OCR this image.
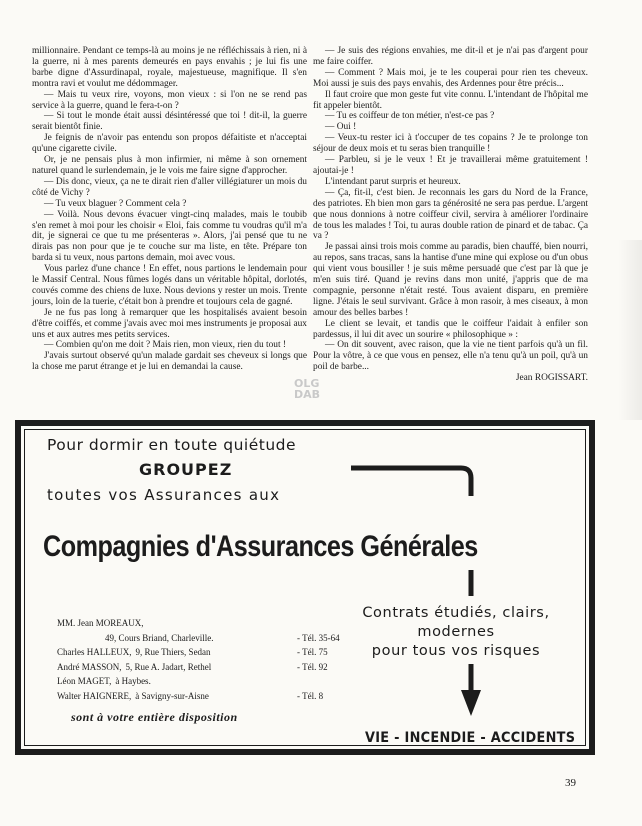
millionnaire. Pendant ce temps-là au moins je ne réfléchissais à rien, ni à la guerre, ni à mes parents demeurés en pays envahis ; je lui fis une barbe digne d'Assurdinapal, royale, majestueuse, magnifique. Il s'en montra ravi et voulut me dédommager.

— Mais tu veux rire, voyons, mon vieux : si l'on ne se rend pas service à la guerre, quand le fera-t-on ?

— Si tout le monde était aussi désintéressé que toi ! dit-il, la guerre serait bientôt finie.

Je feignis de n'avoir pas entendu son propos défaitiste et n'acceptai qu'une cigarette civile.

Or, je ne pensais plus à mon infirmier, ni même à son ornement naturel quand le surlendemain, je le vois me faire signe d'approcher.

— Dis donc, vieux, ça ne te dirait rien d'aller villégiaturer un mois du côté de Vichy ?

— Tu veux blaguer ? Comment cela ?

— Voilà. Nous devons évacuer vingt-cinq malades, mais le toubib s'en remet à moi pour les choisir « Eloi, fais comme tu voudras qu'il m'a dit, je signerai ce que tu me présenteras ». Alors, j'ai pensé que tu ne dirais pas non pour que je te couche sur ma liste, en tête. Prépare ton barda si tu veux, nous partons demain, moi avec vous.

Vous parlez d'une chance ! En effet, nous partions le lendemain pour le Massif Central. Nous fûmes logés dans un véritable hôpital, dorlotés, couvés comme des chiens de luxe. Nous devions y rester un mois. Trente jours, loin de la tuerie, c'était bon à prendre et toujours cela de gagné.

Je ne fus pas long à remarquer que les hospitalisés avaient besoin d'être coiffés, et comme j'avais avec moi mes instruments je proposai aux uns et aux autres mes petits services.

— Combien qu'on me doit ? Mais rien, mon vieux, rien du tout !

J'avais surtout observé qu'un malade gardait ses cheveux si longs que la chose me parut étrange et je lui en demandai la cause.

— Je suis des régions envahies, me dit-il et je n'ai pas d'argent pour me faire coiffer.

— Comment ? Mais moi, je te les couperai pour rien tes cheveux. Moi aussi je suis des pays envahis, des Ardennes pour être précis...

Il faut croire que mon geste fut vite connu. L'intendant de l'hôpital me fit appeler bientôt.

— Tu es coiffeur de ton métier, n'est-ce pas ?

— Oui !

— Veux-tu rester ici à t'occuper de tes copains ? Je te prolonge ton séjour de deux mois et tu seras bien tranquille !

— Parbleu, si je le veux ! Et je travaillerai même gratuitement ! ajoutai-je !

L'intendant parut surpris et heureux.

— Ça, fit-il, c'est bien. Je reconnais les gars du Nord de la France, des patriotes. Eh bien mon gars ta générosité ne sera pas perdue. L'argent que nous donnions à notre coiffeur civil, servira à améliorer l'ordinaire de tous les malades ! Toi, tu auras double ration de pinard et de tabac. Ça va ?

Je passai ainsi trois mois comme au paradis, bien chauffé, bien nourri, au repos, sans tracas, sans la hantise d'une mine qui explose ou d'un obus qui vient vous bousiller ! je suis même persuadé que c'est par là que je m'en suis tiré. Quand je revins dans mon unité, j'appris que de ma compagnie, personne n'était resté. Tous avaient disparu, en première ligne. J'étais le seul survivant. Grâce à mon rasoir, à mes ciseaux, à mon amour des belles barbes !

Le client se levait, et tandis que le coiffeur l'aidait à enfiler son pardessus, il lui dit avec un sourire « philosophique » :

— On dit souvent, avec raison, que la vie ne tient parfois qu'à un fil. Pour la vôtre, à ce que vous en pensez, elle n'a tenu qu'à un poil, qu'à un poil de barbe...

Jean ROGISSART.

OLG
DAB
Pour dormir en toute quiétude
GROUPEZ
toutes vos Assurances aux
Compagnies d'Assurances Générales
Contrats étudiés, clairs,
modernes
pour tous vos risques
MM. Jean MOREAUX,
49, Cours Briand, Charleville.	- Tél. 35-64
Charles HALLEUX, 9, Rue Thiers, Sedan	- Tél. 75
André MASSON, 5, Rue A. Jadart, Rethel	- Tél. 92
Léon MAGET, à Haybes.
Walter HAIGNERE, à Savigny-sur-Aisne	- Tél. 8
sont à votre entière disposition
VIE - INCENDIE - ACCIDENTS
39
